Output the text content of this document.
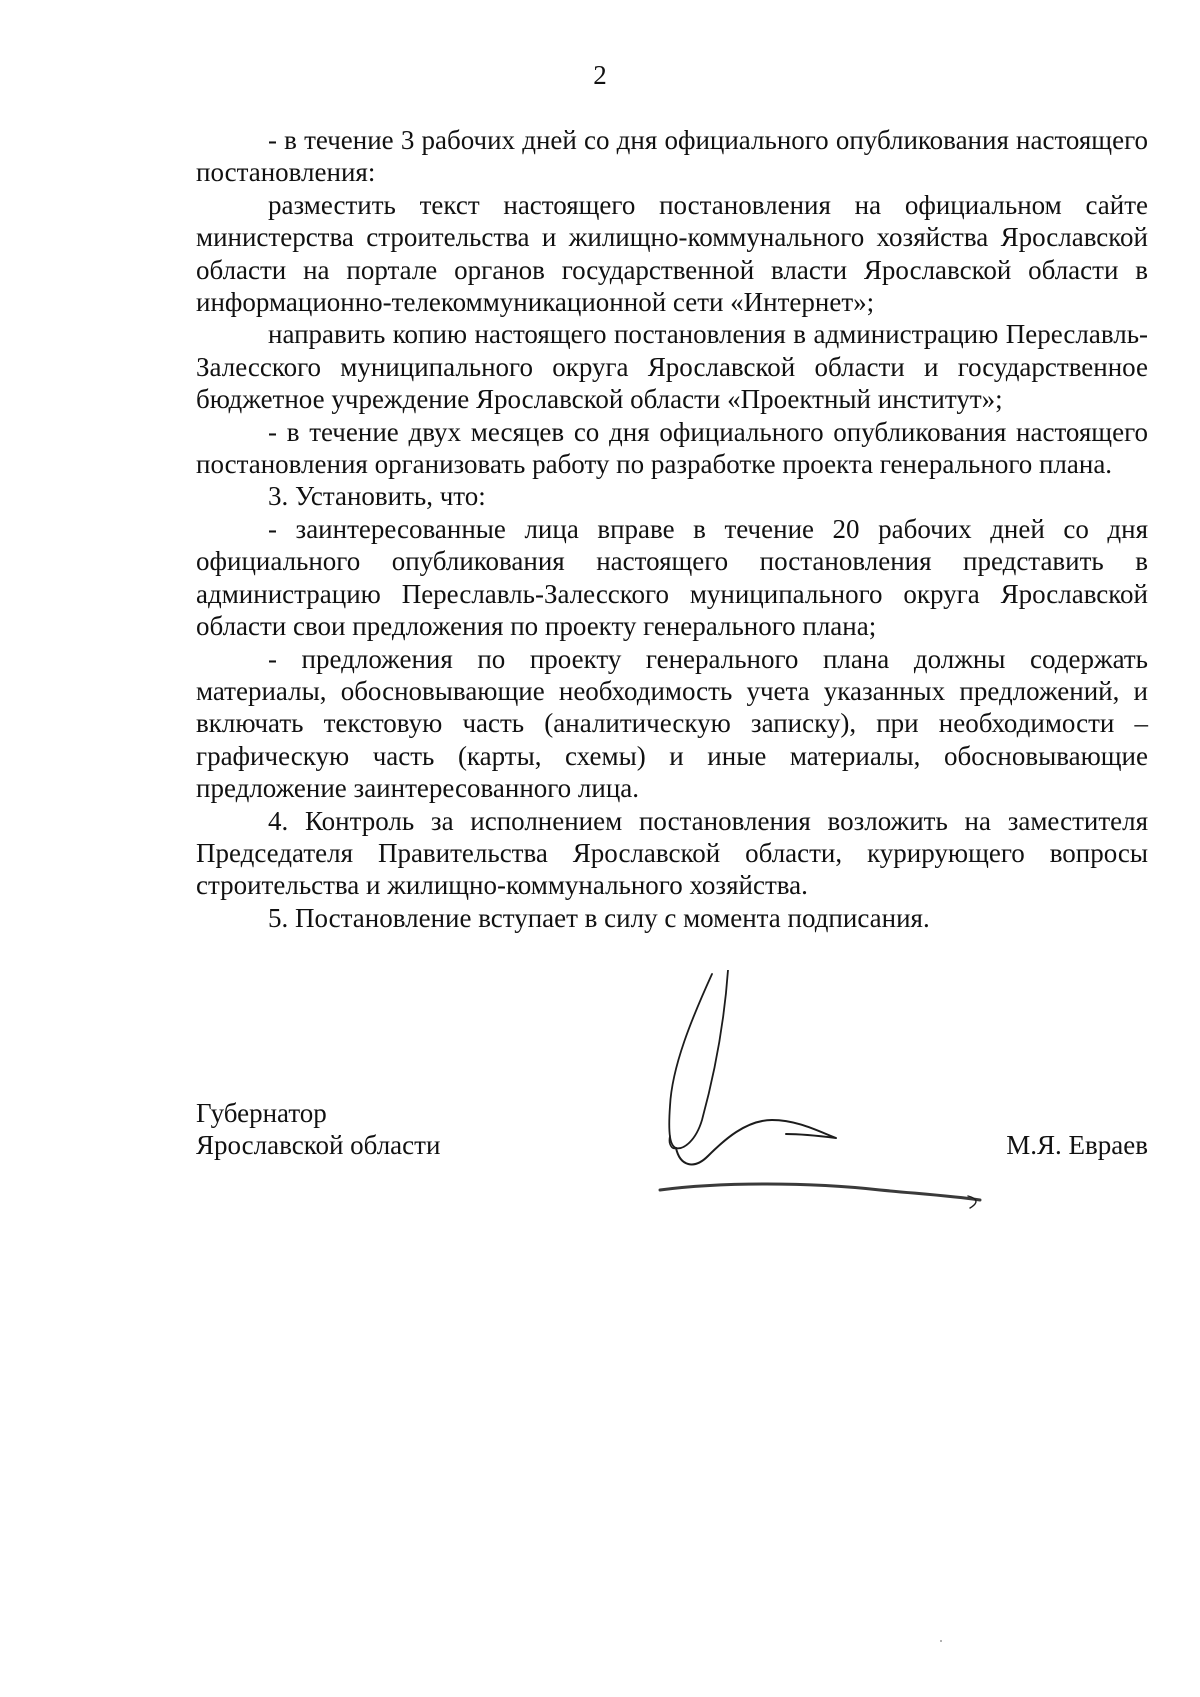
2

- в течение 3 рабочих дней со дня официального опубликования настоящего постановления:

разместить текст настоящего постановления на официальном сайте министерства строительства и жилищно-коммунального хозяйства Ярославской области на портале органов государственной власти Ярославской области в информационно-телекоммуникационной сети «Интернет»;

направить копию настоящего постановления в администрацию Переславль-Залесского муниципального округа Ярославской области и государственное бюджетное учреждение Ярославской области «Проектный институт»;

- в течение двух месяцев со дня официального опубликования настоящего постановления организовать работу по разработке проекта генерального плана.

3. Установить, что:

- заинтересованные лица вправе в течение 20 рабочих дней со дня официального опубликования настоящего постановления представить в администрацию Переславль-Залесского муниципального округа Ярославской области свои предложения по проекту генерального плана;

- предложения по проекту генерального плана должны содержать материалы, обосновывающие необходимость учета указанных предложений, и включать текстовую часть (аналитическую записку), при необходимости – графическую часть (карты, схемы) и иные материалы, обосновывающие предложение заинтересованного лица.

4. Контроль за исполнением постановления возложить на заместителя Председателя Правительства Ярославской области, курирующего вопросы строительства и жилищно-коммунального хозяйства.

5. Постановление вступает в силу с момента подписания.

Губернатор
Ярославской области	М.Я. Евраев
